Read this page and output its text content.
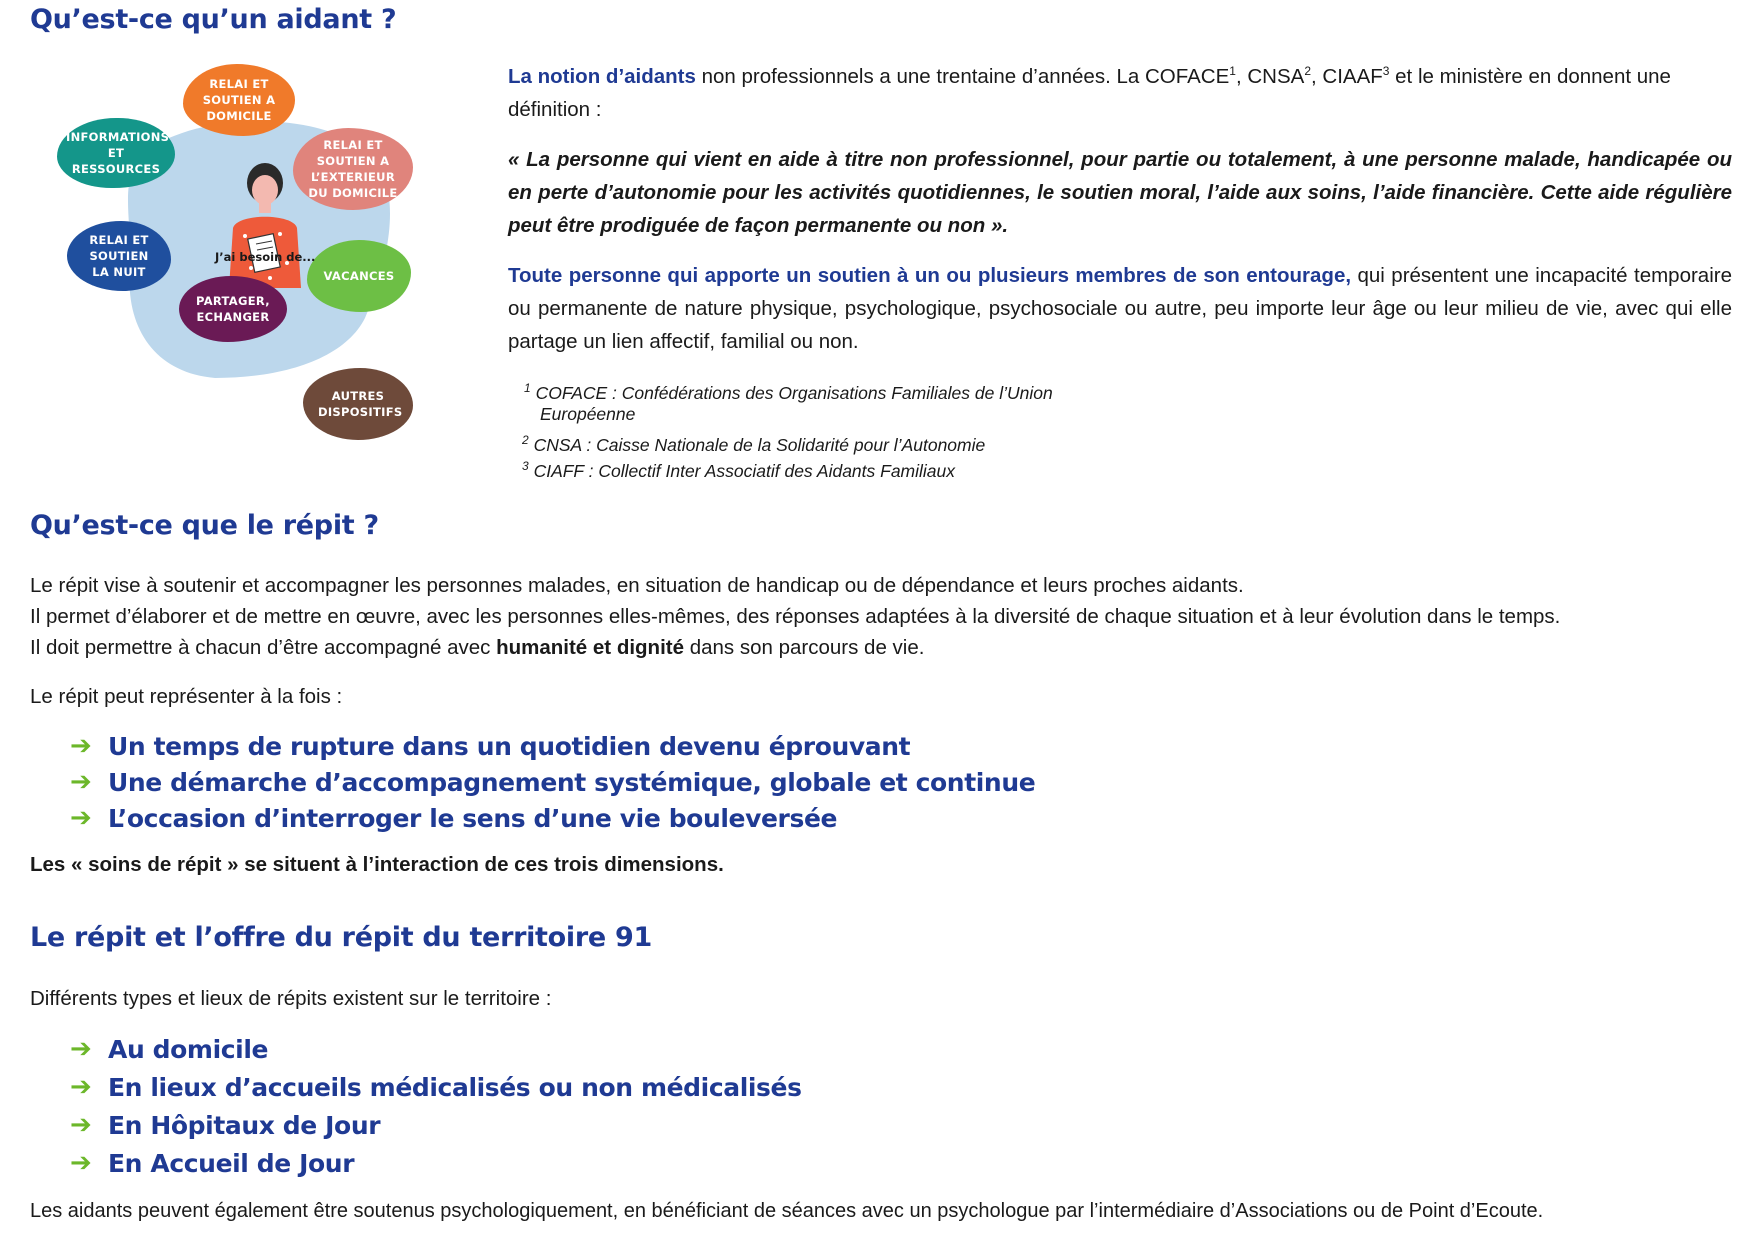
Qu’est-ce qu’un aidant ?
RELAI ET SOUTIEN A DOMICILE
INFORMATIONS ET RESSOURCES
RELAI ET SOUTIEN A L’EXTERIEUR DU DOMICILE
RELAI ET SOUTIEN LA NUIT	VACANCES
PARTAGER, ECHANGER
AUTRES DISPOSITIFS
J’ai besoin de...

La notion d’aidants non professionnels a une trentaine d’années. La COFACE$^1$, CNSA$^2$, CIAAF$^3$ et le ministère en donnent une définition :

« La personne qui vient en aide à titre non professionnel, pour partie ou totalement, à une personne malade, handicapée ou en perte d’autonomie pour les activités quotidiennes, le soutien moral, l’aide aux soins, l’aide financière. Cette aide régulière peut être prodiguée de façon permanente ou non ».

Toute personne qui apporte un soutien à un ou plusieurs membres de son entourage, qui présentent une incapacité temporaire ou permanente de nature physique, psychologique, psychosociale ou autre, peu importe leur âge ou leur milieu de vie, avec qui elle partage un lien affectif, familial ou non.

$^1$ COFACE : Confédérations des Organisations Familiales de l’Union
Européenne
$^2$ CNSA : Caisse Nationale de la Solidarité pour l’Autonomie
$^3$ CIAFF : Collectif Inter Associatif des Aidants Familiaux
Qu’est-ce que le répit ?

Le répit vise à soutenir et accompagner les personnes malades, en situation de handicap ou de dépendance et leurs proches aidants.
Il permet d’élaborer et de mettre en œuvre, avec les personnes elles-mêmes, des réponses adaptées à la diversité de chaque situation et à leur évolution dans le temps.
Il doit permettre à chacun d’être accompagné avec humanité et dignité dans son parcours de vie.

Le répit peut représenter à la fois :

➔ Un temps de rupture dans un quotidien devenu éprouvant
➔ Une démarche d’accompagnement systémique, globale et continue
➔ L’occasion d’interroger le sens d’une vie bouleversée

Les « soins de répit » se situent à l’interaction de ces trois dimensions.

Le répit et l’offre du répit du territoire 91

Différents types et lieux de répits existent sur le territoire :

➔ Au domicile
➔ En lieux d’accueils médicalisés ou non médicalisés
➔ En Hôpitaux de Jour
➔ En Accueil de Jour

Les aidants peuvent également être soutenus psychologiquement, en bénéficiant de séances avec un psychologue par l’intermédiaire d’Associations ou de Point d’Ecoute.
